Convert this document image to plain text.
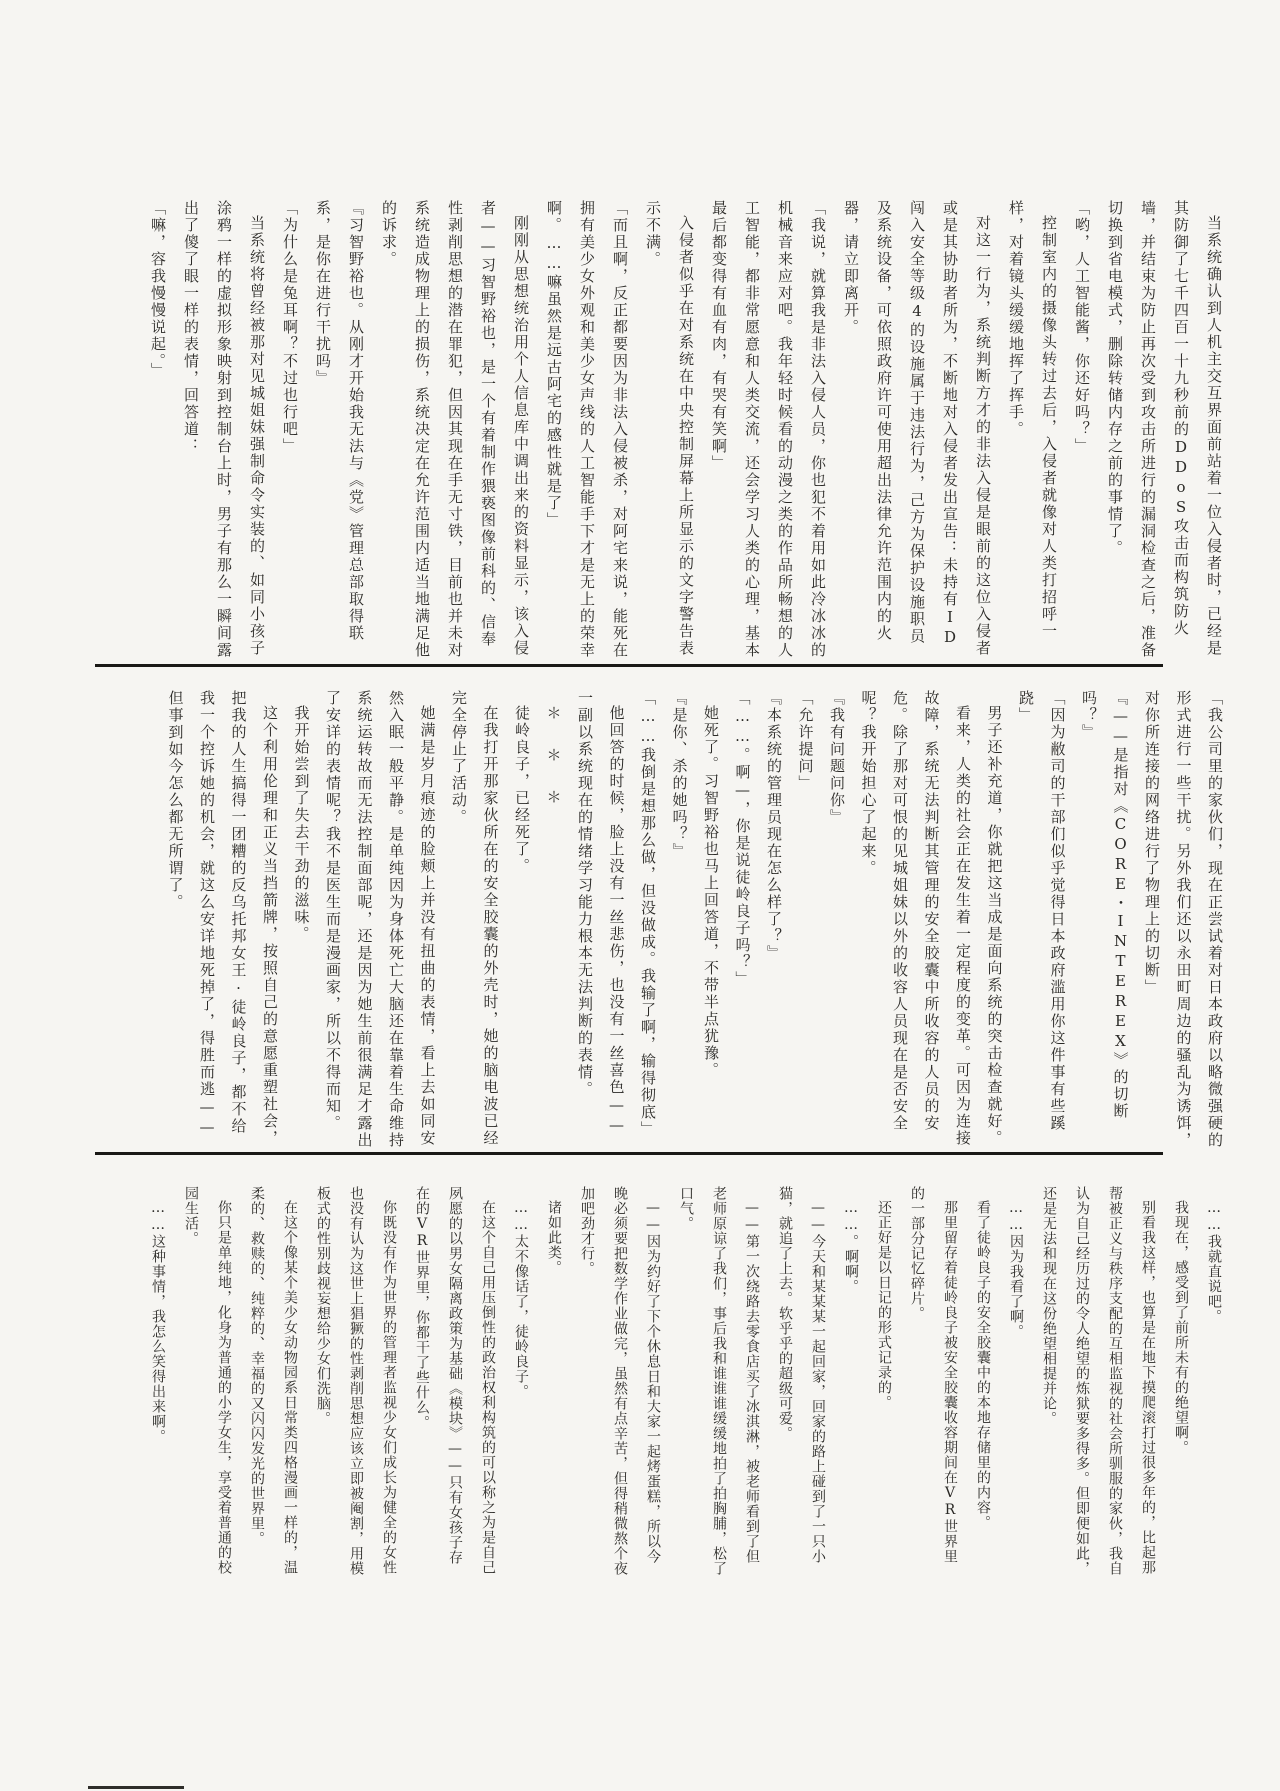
当系统确认到人机主交互界面前站着一位入侵者时，已经是其防御了七千四百一十九秒前的DDoS攻击而构筑防火墙，并结束为防止再次受到攻击所进行的漏洞检查之后，准备切换到省电模式，删除转储内存之前的事情了。

「哟，人工智能酱，你还好吗？」

控制室内的摄像头转过去后，入侵者就像对人类打招呼一样，对着镜头缓缓地挥了挥手。

对这一行为，系统判断方才的非法入侵是眼前的这位入侵者或是其协助者所为，不断地对入侵者发出宣告：未持有ID闯入安全等级4的设施属于违法行为，己方为保护设施职员及系统设备，可依照政府许可使用超出法律允许范围内的火器，请立即离开。

「我说，就算我是非法入侵人员，你也犯不着用如此冷冰冰的机械音来应对吧。我年轻时候看的动漫之类的作品所畅想的人工智能，都非常愿意和人类交流，还会学习人类的心理，基本最后都变得有血有肉，有哭有笑啊」

入侵者似乎在对系统在中央控制屏幕上所显示的文字警告表示不满。

「而且啊，反正都要因为非法入侵被杀，对阿宅来说，能死在拥有美少女外观和美少女声线的人工智能手下才是无上的荣幸啊。……嘛虽然是远古阿宅的感性就是了」

刚刚从思想统治用个人信息库中调出来的资料显示，该入侵者——习智野裕也，是一个有着制作猥亵图像前科的、信奉性剥削思想的潜在罪犯，但因其现在手无寸铁，目前也并未对系统造成物理上的损伤，系统决定在允许范围内适当地满足他的诉求。

『习智野裕也。从刚才开始我无法与《党》管理总部取得联系，是你在进行干扰吗』

「为什么是兔耳啊？不过也行吧」

当系统将曾经被那对见城姐妹强制命令实装的、如同小孩子涂鸦一样的虚拟形象映射到控制台上时，男子有那么一瞬间露出了傻了眼一样的表情，回答道：

「嘛，容我慢慢说起。」

「我公司里的家伙们，现在正尝试着对日本政府以略微强硬的形式进行一些干扰。另外我们还以永田町周边的骚乱为诱饵，对你所连接的网络进行了物理上的切断」

『——是指对《CORE・INTEREX》的切断吗？』

「因为敝司的干部们似乎觉得日本政府滥用你这件事有些蹊跷」

男子还补充道，你就把这当成是面向系统的突击检查就好。

看来，人类的社会正在发生着一定程度的变革。可因为连接故障，系统无法判断其管理的安全胶囊中所收容的人员的安危。除了那对可恨的见城姐妹以外的收容人员现在是否安全呢？我开始担心了起来。

『我有问题问你』

「允许提问」

『本系统的管理员现在怎么样了？』

「……。啊—，你是说徒岭良子吗？」

她死了。习智野裕也马上回答道，不带半点犹豫。

『是你、杀的她吗？』

「……我倒是想那么做，但没做成。我输了啊，输得彻底」

他回答的时候，脸上没有一丝悲伤，也没有一丝喜色——一副以系统现在的情绪学习能力根本无法判断的表情。

＊　＊　＊

徒岭良子，已经死了。

在我打开那家伙所在的安全胶囊的外壳时，她的脑电波已经完全停止了活动。

她满是岁月痕迹的脸颊上并没有扭曲的表情，看上去如同安然入眠一般平静。是单纯因为身体死亡大脑还在靠着生命维持系统运转故而无法控制面部呢，还是因为她生前很满足才露出了安详的表情呢？我不是医生而是漫画家，所以不得而知。

我开始尝到了失去干劲的滋味。

这个利用伦理和正义当挡箭牌，按照自己的意愿重塑社会，把我的人生搞得一团糟的反乌托邦女王·徒岭良子，都不给我一个控诉她的机会，就这么安详地死掉了，得胜而逃——但事到如今怎么都无所谓了。

……我就直说吧。

我现在，感受到了前所未有的绝望啊。

别看我这样，也算是在地下摸爬滚打过很多年的，比起那帮被正义与秩序支配的互相监视的社会所驯服的家伙，我自认为自己经历过的令人绝望的炼狱要多得多。但即便如此，还是无法和现在这份绝望相提并论。

……因为我看了啊。

看了徒岭良子的安全胶囊中的本地存储里的内容。

那里留存着徒岭良子被安全胶囊收容期间在VR世界里的一部分记忆碎片。

还正好是以日记的形式记录的。

……。啊啊。

——今天和某某某一起回家，回家的路上碰到了一只小猫，就追了上去。软乎乎的超级可爱。

——第一次绕路去零食店买了冰淇淋，被老师看到了但老师原谅了我们，事后我和谁谁谁缓缓地拍了拍胸脯，松了口气。

——因为约好了下个休息日和大家一起烤蛋糕，所以今晚必须要把数学作业做完，虽然有点辛苦，但得稍微熬个夜加吧劲才行。

诸如此类。

……太不像话了，徒岭良子。

在这个自己用压倒性的政治权利构筑的可以称之为是自己夙愿的以男女隔离政策为基础《模块》——只有女孩子存在的VR世界里，你都干了些什么。

你既没有作为世界的管理者监视少女们成长为健全的女性也没有认为这世上猖獗的性剥削思想应该立即被阉割，用模板式的性别歧视妄想给少女们洗脑。

在这个像某个美少女动物园系日常类四格漫画一样的，温柔的、救赎的、纯粹的、幸福的又闪闪发光的世界里。

你只是单纯地，化身为普通的小学女生，享受着普通的校园生活。

……这种事情，我怎么笑得出来啊。
